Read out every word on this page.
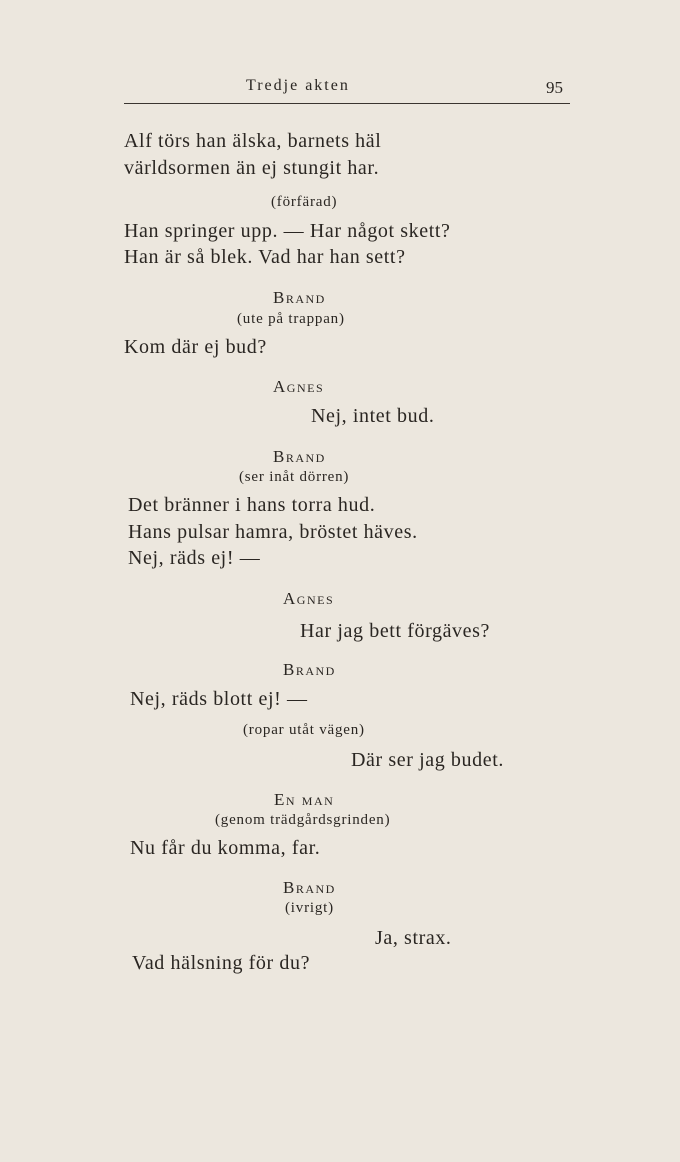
Tredje akten	95
Alf törs han älska, barnets häl
världsormen än ej stungit har.
(förfärad)
Han springer upp. — Har något skett?
Han är så blek. Vad har han sett?
Brand
(ute på trappan)
Kom där ej bud?
Agnes
Nej, intet bud.
Brand
(ser inåt dörren)
Det bränner i hans torra hud.
Hans pulsar hamra, bröstet häves.
Nej, räds ej! —
Agnes
Har jag bett förgäves?
Brand
Nej, räds blott ej! —
(ropar utåt vägen)
Där ser jag budet.
En man
(genom trädgårdsgrinden)
Nu får du komma, far.
Brand
(ivrigt)
Ja, strax.
Vad hälsning för du?
